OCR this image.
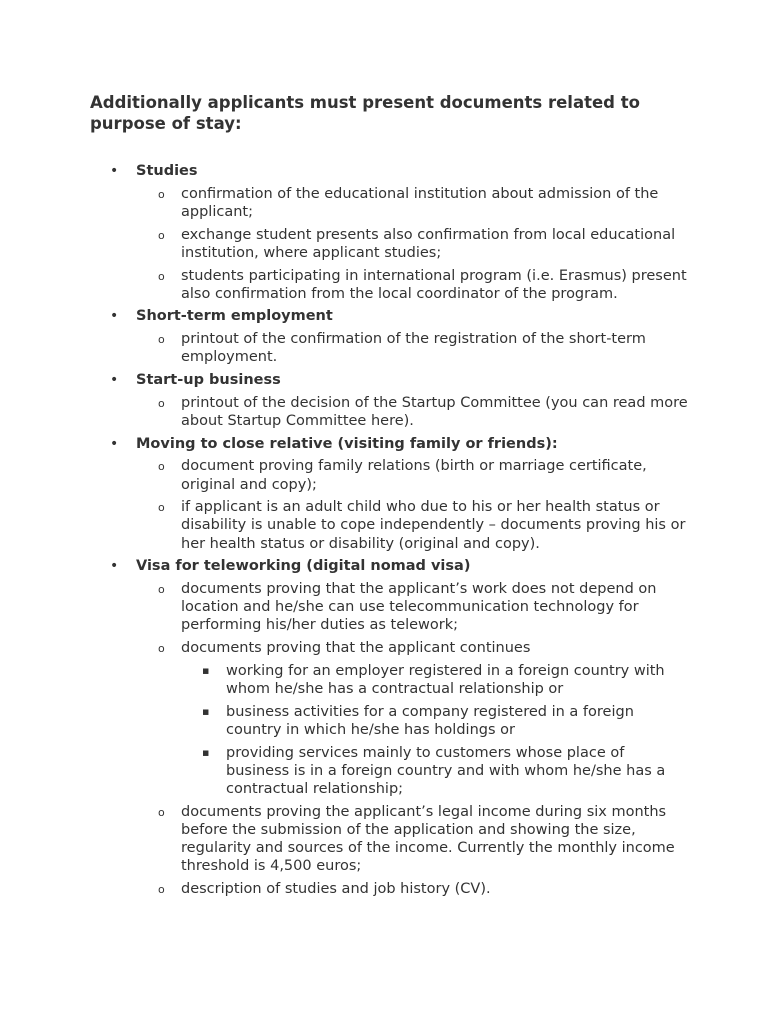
Additionally applicants must present documents related to purpose of stay:
• Studies
o confirmation of the educational institution about admission of the applicant;
o exchange student presents also confirmation from local educational institution, where applicant studies;
o students participating in international program (i.e. Erasmus) present also confirmation from the local coordinator of the program.
• Short-term employment
o printout of the confirmation of the registration of the short-term employment.
• Start-up business
o printout of the decision of the Startup Committee (you can read more about Startup Committee here).
• Moving to close relative (visiting family or friends):
o document proving family relations (birth or marriage certificate, original and copy);
o if applicant is an adult child who due to his or her health status or disability is unable to cope independently – documents proving his or her health status or disability (original and copy).
• Visa for teleworking (digital nomad visa)
o documents proving that the applicant’s work does not depend on location and he/she can use telecommunication technology for performing his/her duties as telework;
o documents proving that the applicant continues
▪ working for an employer registered in a foreign country with whom he/she has a contractual relationship or
▪ business activities for a company registered in a foreign country in which he/she has holdings or
▪ providing services mainly to customers whose place of business is in a foreign country and with whom he/she has a contractual relationship;
o documents proving the applicant’s legal income during six months before the submission of the application and showing the size, regularity and sources of the income. Currently the monthly income threshold is 4,500 euros;
o description of studies and job history (CV).
